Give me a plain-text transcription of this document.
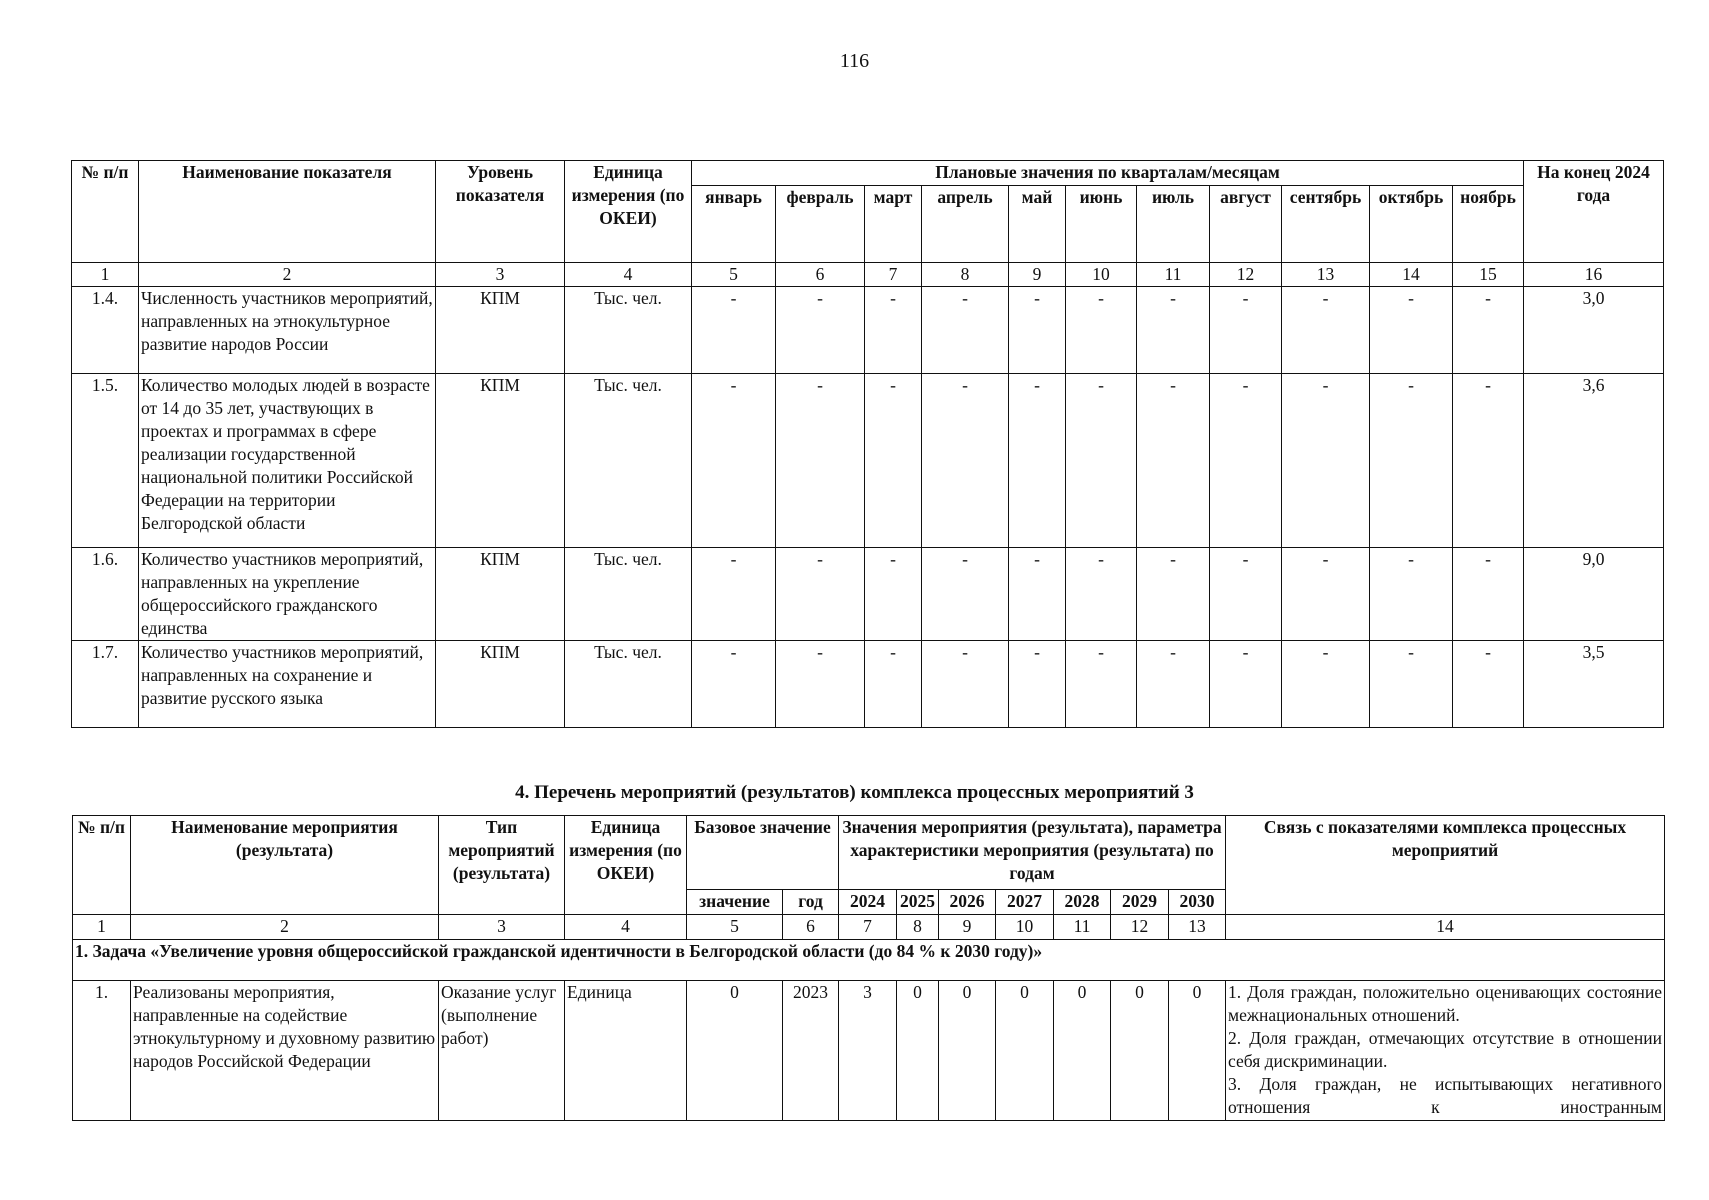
116
№ п/п	Наименование показателя	Уровень показателя	Единица измерения (по ОКЕИ)	Плановые значения по кварталам/месяцам											На конец 2024 года
				январь	февраль	март	апрель	май	июнь	июль	август	сентябрь	октябрь	ноябрь	
1	2	3	4	5	6	7	8	9	10	11	12	13	14	15	16
1.4.	Численность участников мероприятий, направленных на этнокультурное развитие народов России	КПМ	Тыс. чел.	-	-	-	-	-	-	-	-	-	-	-	3,0
1.5.	Количество молодых людей в возрасте от 14 до 35 лет, участвующих в проектах и программах в сфере реализации государственной национальной политики Российской Федерации на территории Белгородской области	КПМ	Тыс. чел.	-	-	-	-	-	-	-	-	-	-	-	3,6
1.6.	Количество участников мероприятий, направленных на укрепление общероссийского гражданского единства	КПМ	Тыс. чел.	-	-	-	-	-	-	-	-	-	-	-	9,0
1.7.	Количество участников мероприятий, направленных на сохранение и развитие русского языка	КПМ	Тыс. чел.	-	-	-	-	-	-	-	-	-	-	-	3,5
4. Перечень мероприятий (результатов) комплекса процессных мероприятий 3
№ п/п	Наименование мероприятия (результата)	Тип мероприятий (результата)	Единица измерения (по ОКЕИ)	Базовое значение		Значения мероприятия (результата), параметра характеристики мероприятия (результата) по годам							Связь с показателями комплекса процессных мероприятий
				значение	год	2024	2025	2026	2027	2028	2029	2030	
1	2	3	4	5	6	7	8	9	10	11	12	13	14
1. Задача «Увеличение уровня общероссийской гражданской идентичности в Белгородской области (до 84 % к 2030 году)»													
1.	Реализованы мероприятия, направленные на содействие этнокультурному и духовному развитию народов Российской Федерации	Оказание услуг (выполнение работ)	Единица	0	2023	3	0	0	0	0	0	0	1. Доля граждан, положительно оценивающих состояние межнациональных отношений.
2. Доля граждан, отмечающих отсутствие в отношении себя дискриминации.
3. Доля граждан, не испытывающих негативного отношения к иностранным
